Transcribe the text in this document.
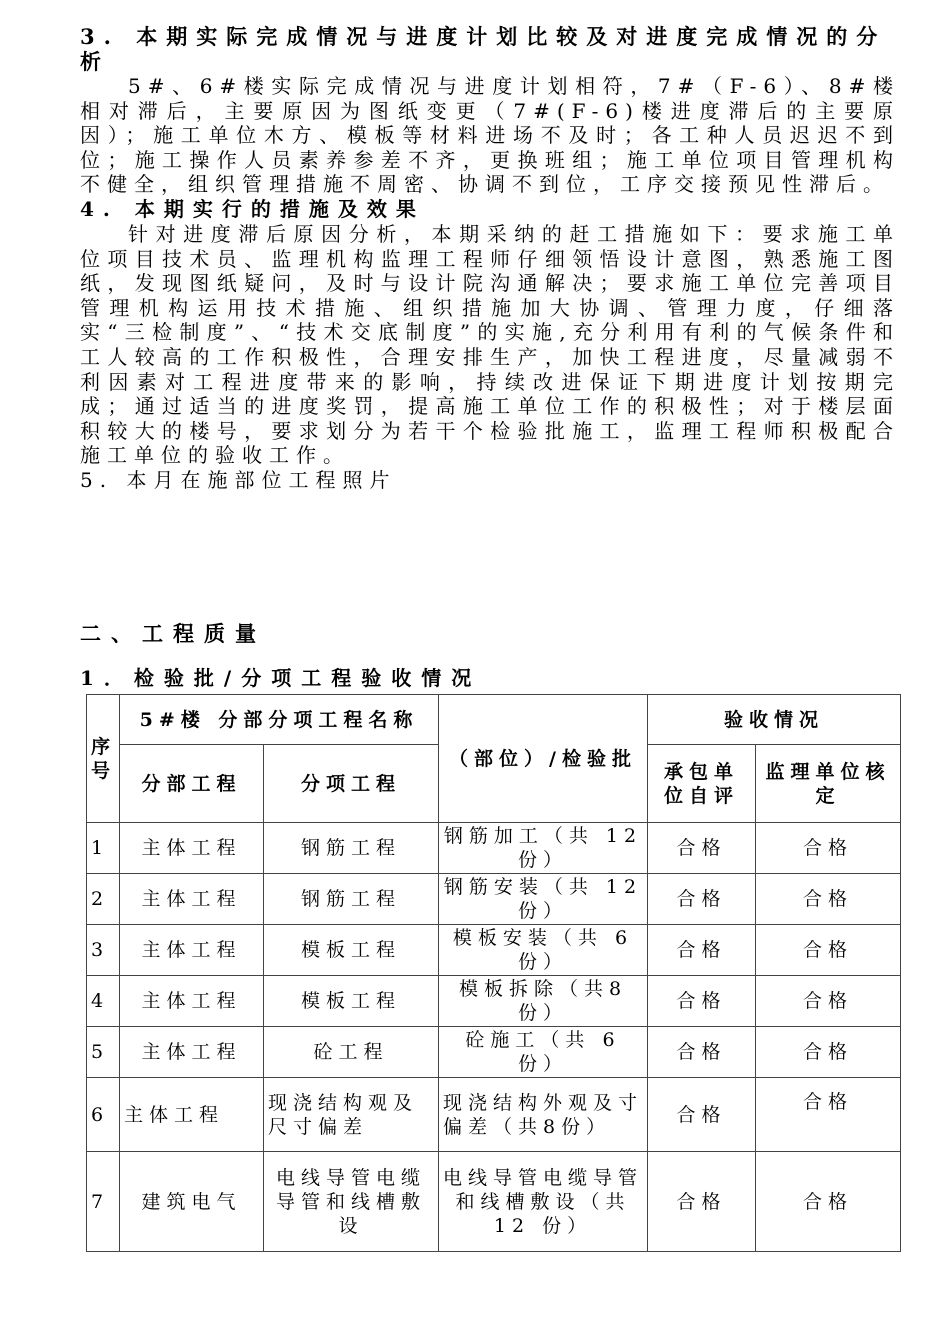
3. 本期实际完成情况与进度计划比较及对进度完成情况的分析

5#、6#楼实际完成情况与进度计划相符，7#（F-6）、8#楼相对滞后，主要原因为图纸变更（7#(F-6)楼进度滞后的主要原因）；施工单位木方、模板等材料进场不及时；各工种人员迟迟不到位；施工操作人员素养参差不齐，更换班组；施工单位项目管理机构不健全，组织管理措施不周密、协调不到位，工序交接预见性滞后。

4. 本期实行的措施及效果

针对进度滞后原因分析，本期采纳的赶工措施如下：要求施工单位项目技术员、监理机构监理工程师仔细领悟设计意图，熟悉施工图纸，发现图纸疑问，及时与设计院沟通解决；要求施工单位完善项目管理机构运用技术措施、组织措施加大协调、管理力度，仔细落实“三检制度”、“技术交底制度”的实施,充分利用有利的气候条件和工人较高的工作积极性，合理安排生产，加快工程进度，尽量减弱不利因素对工程进度带来的影响，持续改进保证下期进度计划按期完成；通过适当的进度奖罚，提高施工单位工作的积极性；对于楼层面积较大的楼号，要求划分为若干个检验批施工，监理工程师积极配合施工单位的验收工作。

5. 本月在施部位工程照片

二、工程质量

1．检验批/分项工程验收情况

序号	5#楼 分部分项工程名称		（部位）/检验批	验收情况	
	分部工程	分项工程		承包单位自评	监理单位核定
1	主体工程	钢筋工程	钢筋加工（共 12 份）	合格	合格
2	主体工程	钢筋工程	钢筋安装（共 12 份）	合格	合格
3	主体工程	模板工程	模板安装（共 6份）	合格	合格
4	主体工程	模板工程	模板拆除（共8份）	合格	合格
5	主体工程	砼工程	砼施工（共 6 份）	合格	合格
6	主体工程	现浇结构观及尺寸偏差	现浇结构外观及寸偏差（共8份）	合格	合格
7	建筑电气	电线导管电缆导管和线槽敷设	电线导管电缆导管和线槽敷设（共 12 份）	合格	合格
